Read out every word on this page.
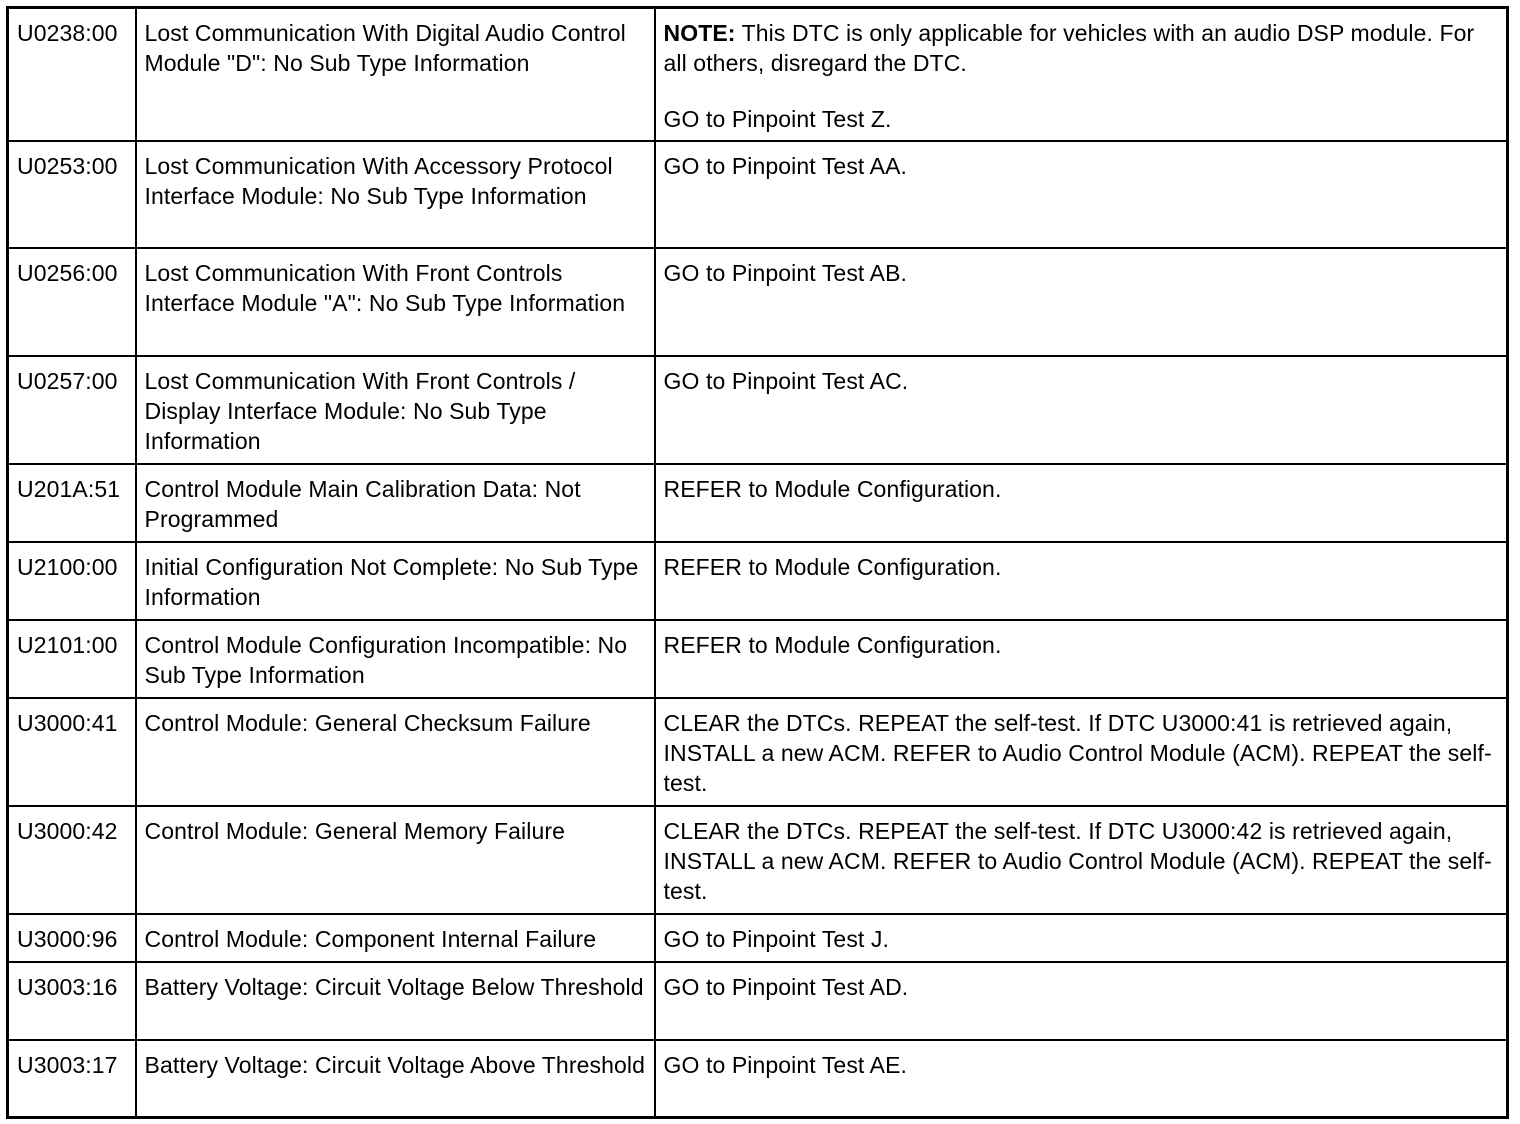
U0238:00	Lost Communication With Digital Audio Control Module "D": No Sub Type Information	NOTE: This DTC is only applicable for vehicles with an audio DSP module. For all others, disregard the DTC.
GO to Pinpoint Test Z.

U0253:00	Lost Communication With Accessory Protocol Interface Module: No Sub Type Information	GO to Pinpoint Test AA.
U0256:00	Lost Communication With Front Controls Interface Module "A": No Sub Type Information	GO to Pinpoint Test AB.
U0257:00	Lost Communication With Front Controls / Display Interface Module: No Sub Type Information	GO to Pinpoint Test AC.
U201A:51	Control Module Main Calibration Data: Not Programmed	REFER to Module Configuration.
U2100:00	Initial Configuration Not Complete: No Sub Type Information	REFER to Module Configuration.
U2101:00	Control Module Configuration Incompatible: No Sub Type Information	REFER to Module Configuration.
U3000:41	Control Module: General Checksum Failure	CLEAR the DTCs. REPEAT the self-test. If DTC U3000:41 is retrieved again, INSTALL a new ACM. REFER to Audio Control Module (ACM). REPEAT the self-test.
U3000:42	Control Module: General Memory Failure	CLEAR the DTCs. REPEAT the self-test. If DTC U3000:42 is retrieved again, INSTALL a new ACM. REFER to Audio Control Module (ACM). REPEAT the self-test.
U3000:96	Control Module: Component Internal Failure	GO to Pinpoint Test J.
U3003:16	Battery Voltage: Circuit Voltage Below Threshold	GO to Pinpoint Test AD.
U3003:17	Battery Voltage: Circuit Voltage Above Threshold	GO to Pinpoint Test AE.
